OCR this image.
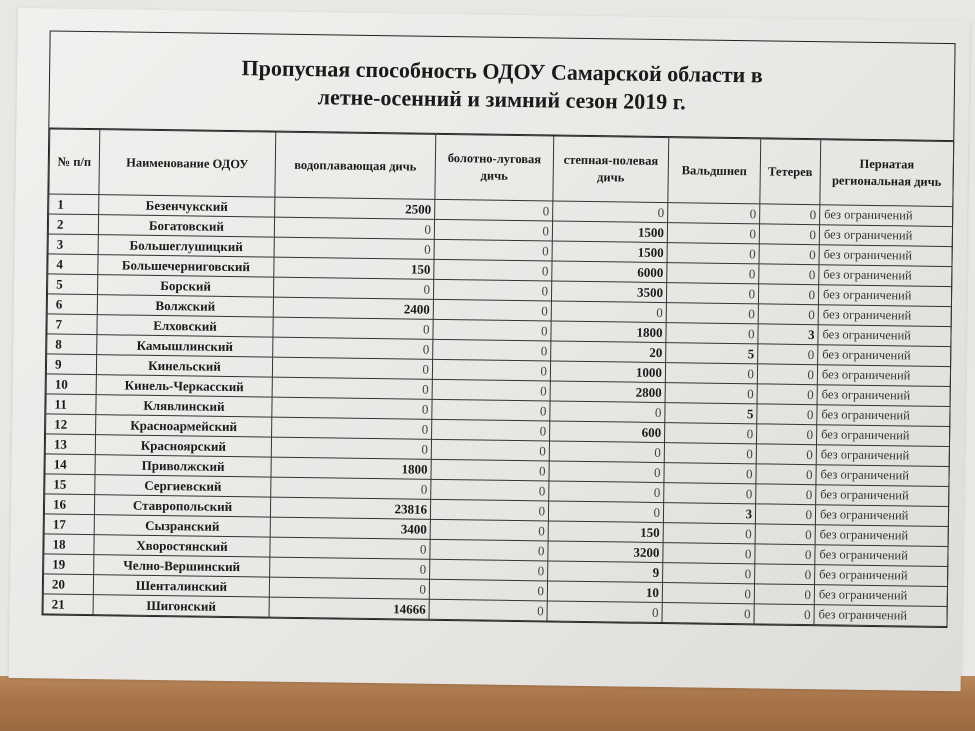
Пропусная способность ОДОУ Самарской области в
летне-осенний и зимний сезон 2019 г.
№ п/п	Наименование ОДОУ	водоплавающая дичь	болотно-луговая дичь	степная-полевая дичь	Вальдшнеп	Тетерев	Пернатая региональная дичь
1	Безенчукский	2500	0	0	0	0	без ограничений
2	Богатовский	0	0	1500	0	0	без ограничений
3	Большеглушицкий	0	0	1500	0	0	без ограничений
4	Большечерниговский	150	0	6000	0	0	без ограничений
5	Борский	0	0	3500	0	0	без ограничений
6	Волжский	2400	0	0	0	0	без ограничений
7	Елховский	0	0	1800	0	3	без ограничений
8	Камышлинский	0	0	20	5	0	без ограничений
9	Кинельский	0	0	1000	0	0	без ограничений
10	Кинель-Черкасский	0	0	2800	0	0	без ограничений
11	Клявлинский	0	0	0	5	0	без ограничений
12	Красноармейский	0	0	600	0	0	без ограничений
13	Красноярский	0	0	0	0	0	без ограничений
14	Приволжский	1800	0	0	0	0	без ограничений
15	Сергиевский	0	0	0	0	0	без ограничений
16	Ставропольский	23816	0	0	3	0	без ограничений
17	Сызранский	3400	0	150	0	0	без ограничений
18	Хворостянский	0	0	3200	0	0	без ограничений
19	Челно-Вершинский	0	0	9	0	0	без ограничений
20	Шенталинский	0	0	10	0	0	без ограничений
21	Шигонский	14666	0	0	0	0	без ограничений
